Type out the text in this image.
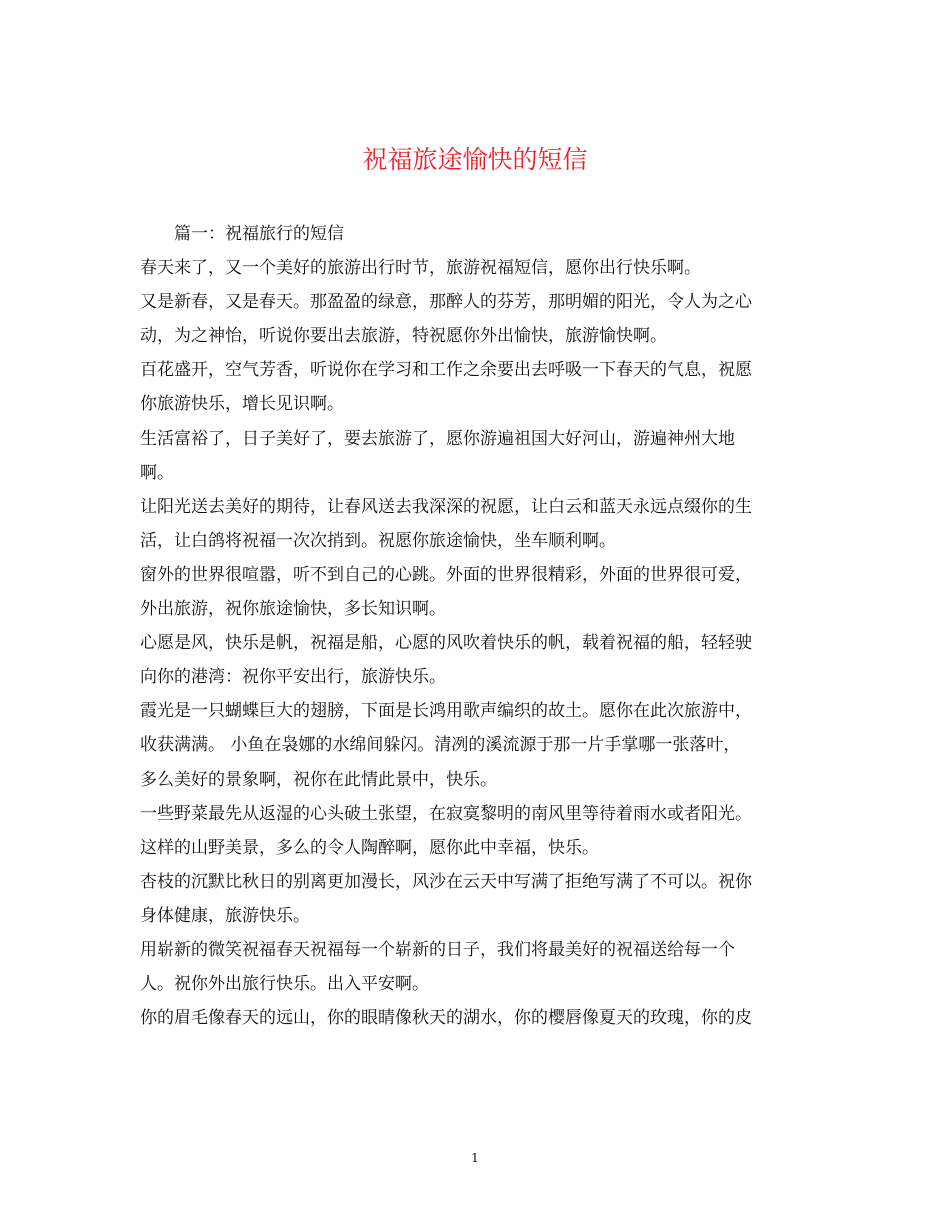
祝福旅途愉快的短信
篇一：祝福旅行的短信
春天来了，又一个美好的旅游出行时节，旅游祝福短信，愿你出行快乐啊。
又是新春，又是春天。那盈盈的绿意，那醉人的芬芳，那明媚的阳光，令人为之心
动，为之神怡，听说你要出去旅游，特祝愿你外出愉快，旅游愉快啊。
百花盛开，空气芳香，听说你在学习和工作之余要出去呼吸一下春天的气息，祝愿
你旅游快乐，增长见识啊。
生活富裕了，日子美好了，要去旅游了，愿你游遍祖国大好河山，游遍神州大地
啊。
让阳光送去美好的期待，让春风送去我深深的祝愿，让白云和蓝天永远点缀你的生
活，让白鸽将祝福一次次捎到。祝愿你旅途愉快，坐车顺利啊。
窗外的世界很喧嚣，听不到自己的心跳。外面的世界很精彩，外面的世界很可爱，
外出旅游，祝你旅途愉快，多长知识啊。
心愿是风，快乐是帆，祝福是船，心愿的风吹着快乐的帆，载着祝福的船，轻轻驶
向你的港湾：祝你平安出行，旅游快乐。
霞光是一只蝴蝶巨大的翅膀，下面是长鸿用歌声编织的故土。愿你在此次旅游中，
收获满满。 小鱼在袅娜的水绵间躲闪。清冽的溪流源于那一片手掌哪一张落叶，
多么美好的景象啊，祝你在此情此景中，快乐。
一些野菜最先从返湿的心头破土张望，在寂寞黎明的南风里等待着雨水或者阳光。
这样的山野美景，多么的令人陶醉啊，愿你此中幸福，快乐。
杏枝的沉默比秋日的别离更加漫长，风沙在云天中写满了拒绝写满了不可以。祝你
身体健康，旅游快乐。
用崭新的微笑祝福春天祝福每一个崭新的日子，我们将最美好的祝福送给每一个
人。祝你外出旅行快乐。出入平安啊。
你的眉毛像春天的远山，你的眼睛像秋天的湖水，你的樱唇像夏天的玫瑰，你的皮
1
